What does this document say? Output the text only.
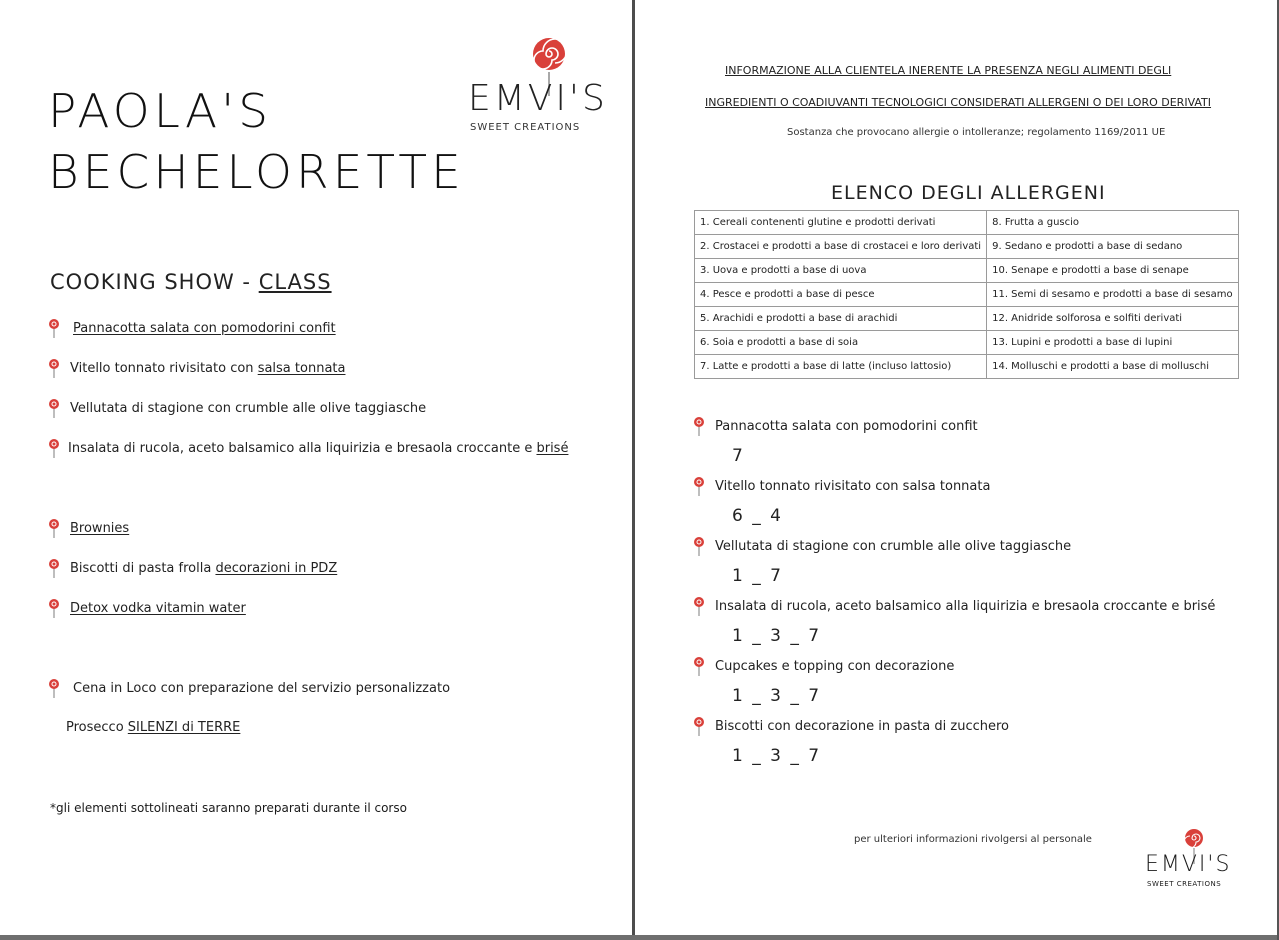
EMVI'S
SWEET CREATIONS
PAOLA'S
BECHELORETTE
COOKING SHOW - CLASS
Pannacotta salata con pomodorini confit
Vitello tonnato rivisitato con
salsa tonnata
Vellutata di stagione con crumble alle olive taggiasche
Insalata di rucola, aceto balsamico alla liquirizia e bresaola croccante e
brisé
Brownies
Biscotti di pasta frolla
decorazioni in PDZ
Detox vodka vitamin water
Cena in Loco con preparazione del servizio personalizzato
Prosecco
SILENZI di TERRE
*gli elementi sottolineati saranno preparati durante il corso
INFORMAZIONE ALLA CLIENTELA INERENTE LA PRESENZA NEGLI ALIMENTI DEGLI
INGREDIENTI O COADIUVANTI TECNOLOGICI CONSIDERATI ALLERGENI O DEI LORO DERIVATI
Sostanza che provocano allergie o intolleranze; regolamento 1169/2011 UE
ELENCO DEGLI ALLERGENI
1. Cereali contenenti glutine e prodotti derivati	8. Frutta a guscio
2. Crostacei e prodotti a base di crostacei e loro derivati	9. Sedano e prodotti a base di sedano
3. Uova e prodotti a base di uova	10. Senape e prodotti a base di senape
4. Pesce e prodotti a base di pesce	11. Semi di sesamo e prodotti a base di sesamo
5. Arachidi e prodotti a base di arachidi	12. Anidride solforosa e solfiti derivati
6. Soia e prodotti a base di soia	13. Lupini e prodotti a base di lupini
7. Latte e prodotti a base di latte (incluso lattosio)	14. Molluschi e prodotti a base di molluschi
Pannacotta salata con pomodorini confit
7
Vitello tonnato rivisitato con salsa tonnata
6 _ 4
Vellutata di stagione con crumble alle olive taggiasche
1 _ 7
Insalata di rucola, aceto balsamico alla liquirizia e bresaola croccante e brisé
1 _ 3 _ 7
Cupcakes e topping con decorazione
1 _ 3 _ 7
Biscotti con decorazione in pasta di zucchero
1 _ 3 _ 7
per ulteriori informazioni rivolgersi al personale
EMVI'S
SWEET CREATIONS
